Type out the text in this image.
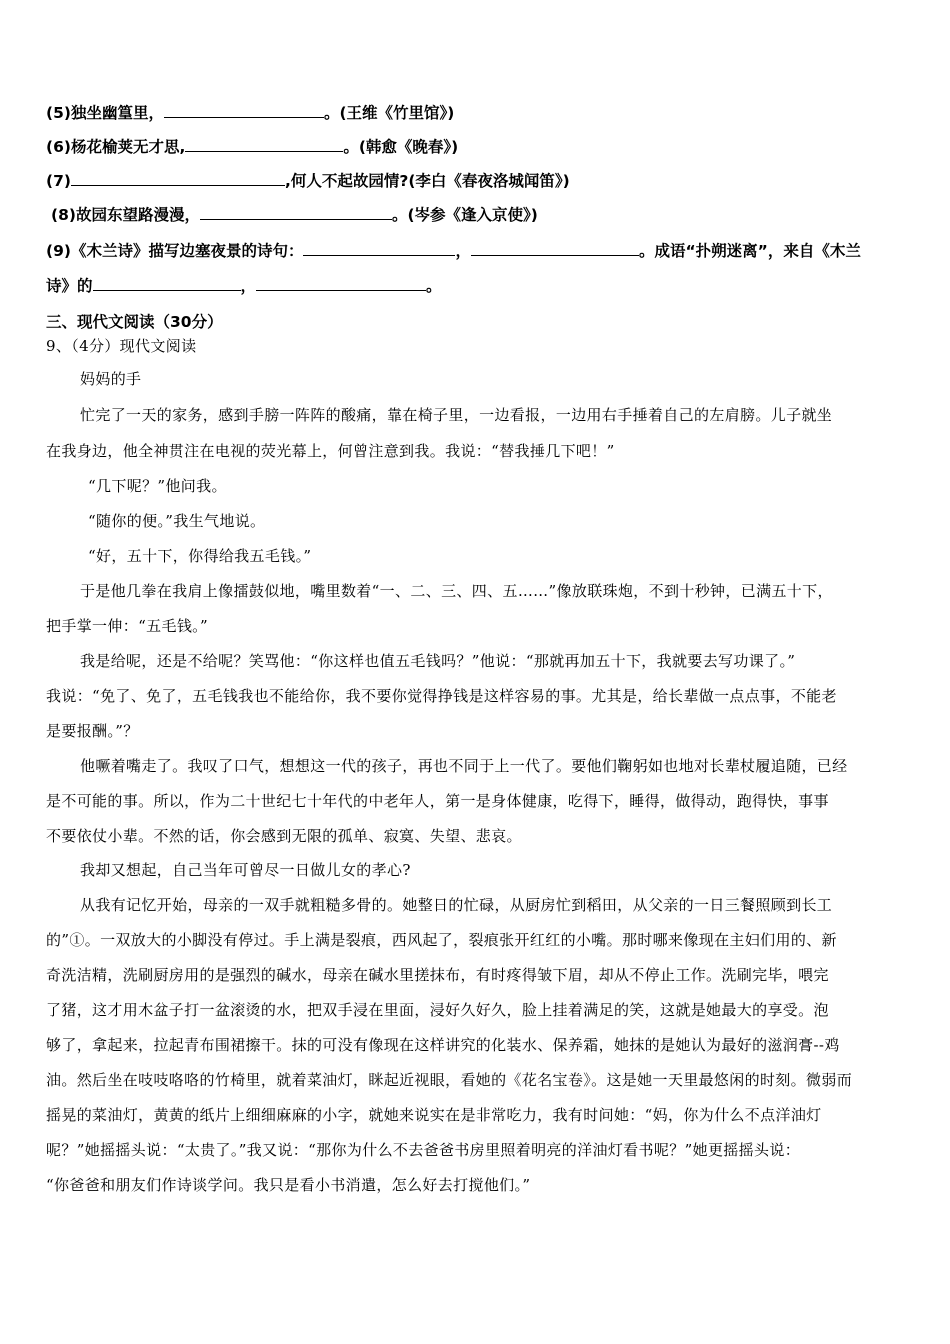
(5)独坐幽篁里，	。(王维《竹里馆》)
(6)杨花榆荚无才思,	。(韩愈《晚春》)
(7)	,何人不起故园情?(李白《春夜洛城闻笛》)
(8)故园东望路漫漫，	。(岑参《逢入京使》)
(9)《木兰诗》描写边塞夜景的诗句：	，	。成语“扑朔迷离”，来自《木兰
诗》的	，	。
三、现代文阅读（30分）
9、（4分）现代文阅读
妈妈的手
忙完了一天的家务，感到手膀一阵阵的酸痛，靠在椅子里，一边看报，一边用右手捶着自己的左肩膀。儿子就坐
在我身边，他全神贯注在电视的荧光幕上，何曾注意到我。我说：“替我捶几下吧！”
“几下呢？”他问我。
“随你的便。”我生气地说。
“好，五十下，你得给我五毛钱。”
于是他几拳在我肩上像擂鼓似地，嘴里数着“一、二、三、四、五……”像放联珠炮，不到十秒钟，已满五十下，
把手掌一伸：“五毛钱。”
我是给呢，还是不给呢？笑骂他：“你这样也值五毛钱吗？”他说：“那就再加五十下，我就要去写功课了。”
我说：“免了、免了，五毛钱我也不能给你，我不要你觉得挣钱是这样容易的事。尤其是，给长辈做一点点事，不能老
是要报酬。”？
他噘着嘴走了。我叹了口气，想想这一代的孩子，再也不同于上一代了。要他们鞠躬如也地对长辈杖履追随，已经
是不可能的事。所以，作为二十世纪七十年代的中老年人，第一是身体健康，吃得下，睡得，做得动，跑得快，事事
不要依仗小辈。不然的话，你会感到无限的孤单、寂寞、失望、悲哀。
我却又想起，自己当年可曾尽一日做儿女的孝心?
从我有记忆开始，母亲的一双手就粗糙多骨的。她整日的忙碌，从厨房忙到稻田，从父亲的一日三餐照顾到长工
的”①。一双放大的小脚没有停过。手上满是裂痕，西风起了，裂痕张开红红的小嘴。那时哪来像现在主妇们用的、新
奇洗洁精，洗刷厨房用的是强烈的碱水，母亲在碱水里搓抹布，有时疼得皱下眉，却从不停止工作。洗刷完毕，喂完
了猪，这才用木盆子打一盆滚烫的水，把双手浸在里面，浸好久好久，脸上挂着满足的笑，这就是她最大的享受。泡
够了，拿起来，拉起青布围裙擦干。抹的可没有像现在这样讲究的化装水、保养霜，她抹的是她认为最好的滋润膏--鸡
油。然后坐在吱吱咯咯的竹椅里，就着菜油灯，眯起近视眼，看她的《花名宝卷》。这是她一天里最悠闲的时刻。微弱而
摇晃的菜油灯，黄黄的纸片上细细麻麻的小字，就她来说实在是非常吃力，我有时问她：“妈，你为什么不点洋油灯
呢？”她摇摇头说：“太贵了。”我又说：“那你为什么不去爸爸书房里照着明亮的洋油灯看书呢？”她更摇摇头说：
“你爸爸和朋友们作诗谈学问。我只是看小书消遣，怎么好去打搅他们。”
